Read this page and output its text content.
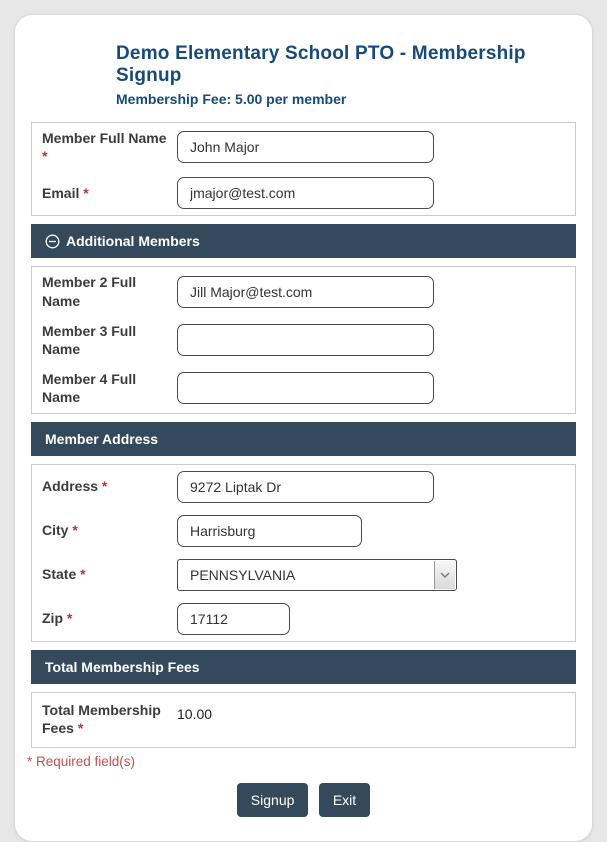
Demo Elementary School PTO - Membership Signup
Membership Fee: 5.00 per member
Member Full Name *
John Major
Email *
jmajor@test.com
Additional Members
Member 2 Full Name
Jill Major@test.com
Member 3 Full Name
Member 4 Full Name
Member Address
Address *
9272 Liptak Dr
City *
Harrisburg
State *	PENNSYLVANIA
Zip *
17112
Total Membership Fees
Total Membership Fees *
10.00
* Required field(s)
Signup	Exit
